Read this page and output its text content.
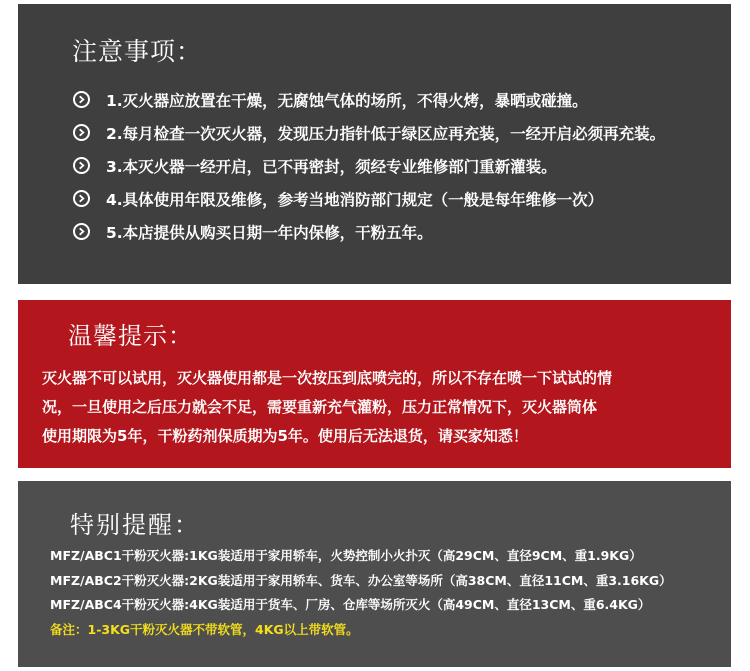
注意事项：
1.灭火器应放置在干燥，无腐蚀气体的场所，不得火烤，暴晒或碰撞。
2.每月检查一次灭火器，发现压力指针低于绿区应再充装，一经开启必须再充装。
3.本灭火器一经开启，已不再密封，须经专业维修部门重新灌装。
4.具体使用年限及维修，参考当地消防部门规定（一般是每年维修一次）
5.本店提供从购买日期一年内保修，干粉五年。
温馨提示：
灭火器不可以试用，灭火器使用都是一次按压到底喷完的，所以不存在喷一下试试的情
况，一旦使用之后压力就会不足，需要重新充气灌粉，压力正常情况下，灭火器筒体
使用期限为5年，干粉药剂保质期为5年。使用后无法退货，请买家知悉！
特别提醒：
MFZ/ABC1干粉灭火器:1KG装适用于家用轿车，火势控制小火扑灭（高29CM、直径9CM、重1.9KG）
MFZ/ABC2干粉灭火器:2KG装适用于家用轿车、货车、办公室等场所（高38CM、直径11CM、重3.16KG）
MFZ/ABC4干粉灭火器:4KG装适用于货车、厂房、仓库等场所灭火（高49CM、直径13CM、重6.4KG）
备注：1-3KG干粉灭火器不带软管，4KG以上带软管。
